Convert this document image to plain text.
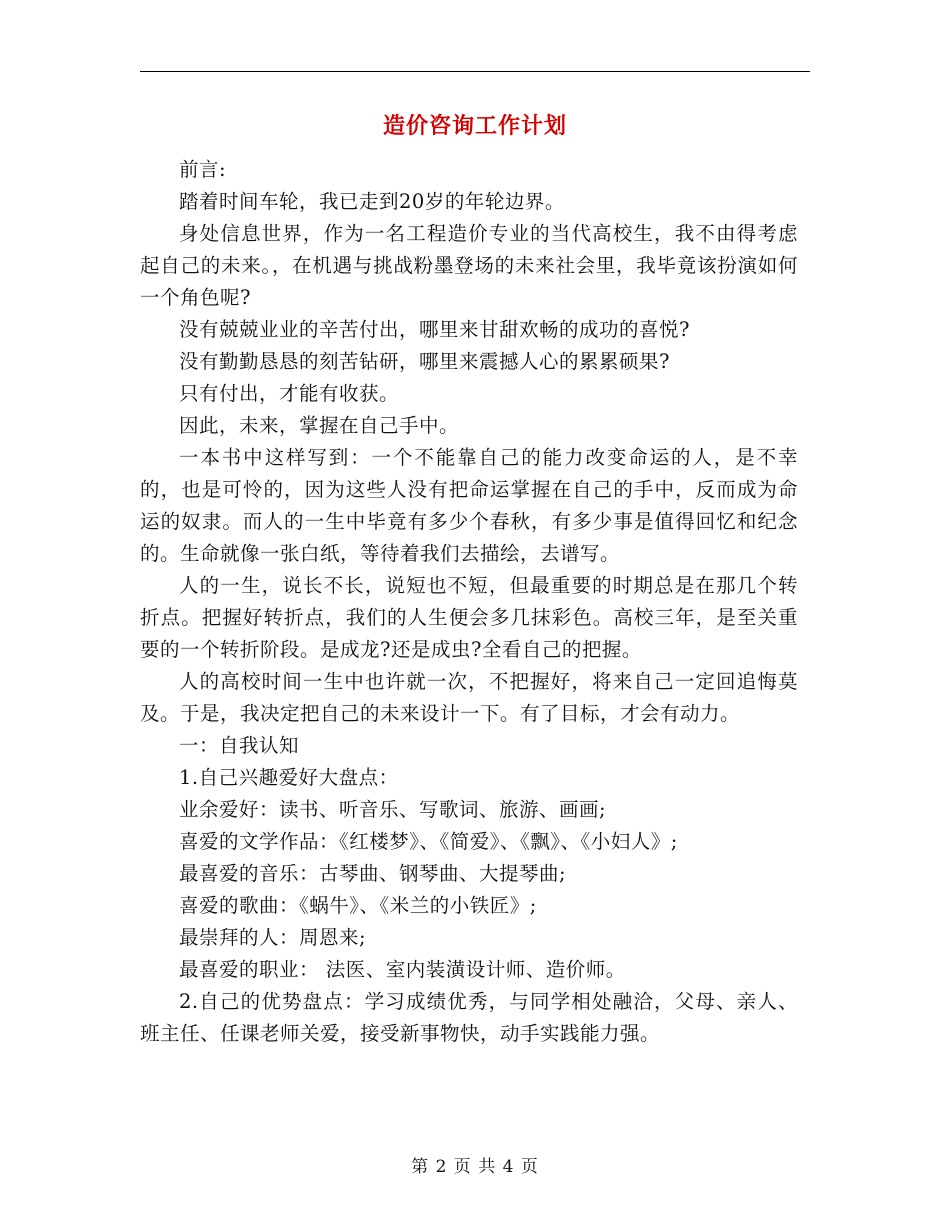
造价咨询工作计划

前言:

踏着时间车轮，我已走到20岁的年轮边界。

身处信息世界，作为一名工程造价专业的当代高校生，我不由得考虑起自己的未来。，在机遇与挑战粉墨登场的未来社会里，我毕竟该扮演如何一个角色呢?

没有兢兢业业的辛苦付出，哪里来甘甜欢畅的成功的喜悦?

没有勤勤恳恳的刻苦钻研，哪里来震撼人心的累累硕果?

只有付出，才能有收获。

因此，未来，掌握在自己手中。

一本书中这样写到：一个不能靠自己的能力改变命运的人，是不幸的，也是可怜的，因为这些人没有把命运掌握在自己的手中，反而成为命运的奴隶。而人的一生中毕竟有多少个春秋，有多少事是值得回忆和纪念的。生命就像一张白纸，等待着我们去描绘，去谱写。

人的一生，说长不长，说短也不短，但最重要的时期总是在那几个转折点。把握好转折点，我们的人生便会多几抹彩色。高校三年，是至关重要的一个转折阶段。是成龙?还是成虫?全看自己的把握。

人的高校时间一生中也许就一次，不把握好，将来自己一定回追悔莫及。于是，我决定把自己的未来设计一下。有了目标，才会有动力。

一：自我认知

1.自己兴趣爱好大盘点：

业余爱好：读书、听音乐、写歌词、旅游、画画;

喜爱的文学作品：《红楼梦》、《简爱》、《飘》、《小妇人》;

最喜爱的音乐：古琴曲、钢琴曲、大提琴曲;

喜爱的歌曲：《蜗牛》、《米兰的小铁匠》;

最崇拜的人：周恩来;

最喜爱的职业： 法医、室内装潢设计师、造价师。

2.自己的优势盘点：学习成绩优秀，与同学相处融洽，父母、亲人、班主任、任课老师关爱，接受新事物快，动手实践能力强。

第 2 页 共 4 页
